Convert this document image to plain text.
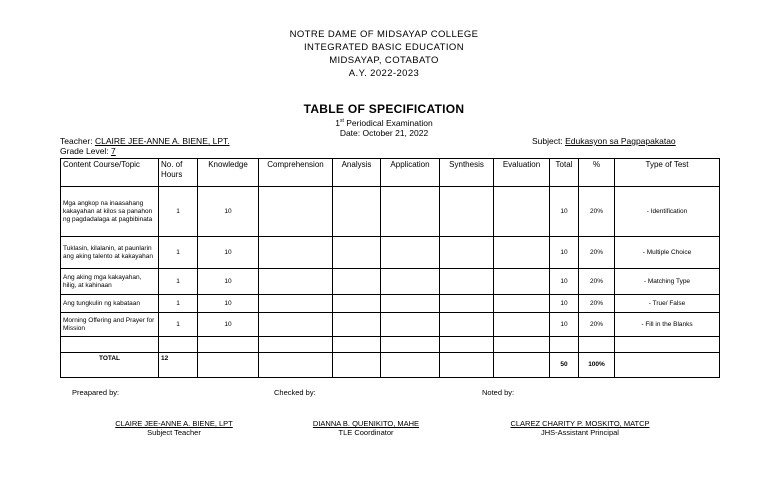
NOTRE DAME OF MIDSAYAP COLLEGE
INTEGRATED BASIC EDUCATION
MIDSAYAP, COTABATO
A.Y. 2022-2023
TABLE OF SPECIFICATION
1st Periodical Examination
Date: October 21, 2022
Teacher: CLAIRE JEE-ANNE A. BIENE, LPT.
Grade Level: 7
Subject: Edukasyon sa Pagpapakatao
Content Course/Topic	No. of Hours	Knowledge	Comprehension	Analysis	Application	Synthesis	Evaluation	Total	%	Type of Test
Mga angkop na inaasahang kakayahan at kilos sa panahon ng pagdadalaga at pagbibinata	1	10						10	20%	- Identification
Tuklasin, kilalanin, at paunlarin ang aking talento at kakayahan	1	10						10	20%	- Multiple Choice
Ang aking mga kakayahan, hilig, at kahinaan	1	10						10	20%	- Matching Type
Ang tungkulin ng kabataan	1	10						10	20%	- True/ False
Morning Offering and Prayer for Mission	1	10						10	20%	- Fill in the Blanks

TOTAL	12							50	100%	
Preapared by:	Checked by:	Noted by:
CLAIRE JEE-ANNE A. BIENE, LPT
Subject Teacher
DIANNA B. QUENIKITO, MAHE
TLE Coordinator
CLAREZ CHARITY P. MOSKITO, MATCP
JHS-Assistant Principal
